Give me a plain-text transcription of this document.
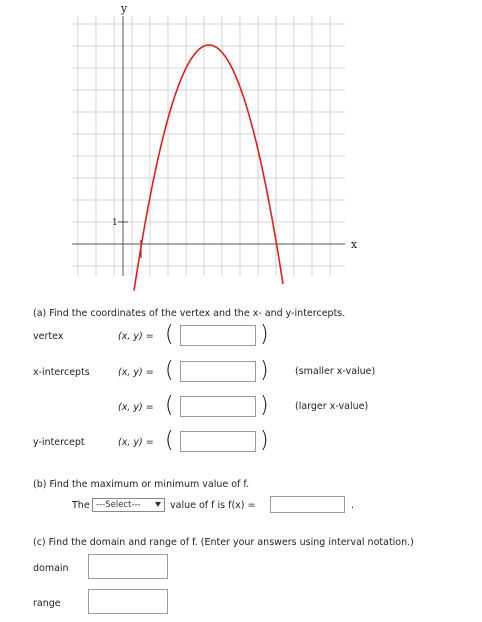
y
x
1
(a) Find the coordinates of the vertex and the x- and y-intercepts.
vertex	(x, y) = (	)
x-intercepts	(x, y) = (	)	(smaller x-value)
(x, y) = (	)	(larger x-value)
y-intercept	(x, y) = (	)
(b) Find the maximum or minimum value of f.
The ---Select---	value of f is f(x) =	.
(c) Find the domain and range of f. (Enter your answers using interval notation.)
domain
range
